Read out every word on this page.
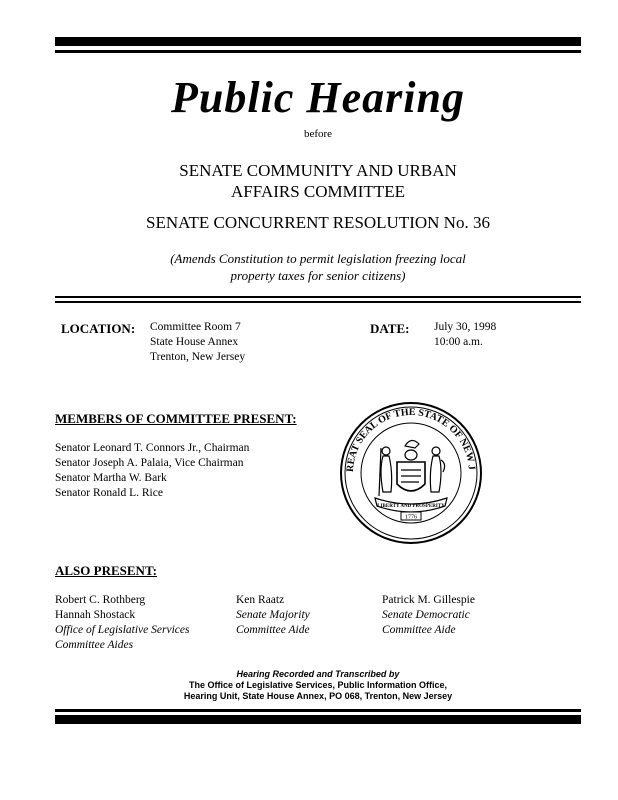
Public Hearing
before
SENATE COMMUNITY AND URBAN
AFFAIRS COMMITTEE
SENATE CONCURRENT RESOLUTION No. 36
(Amends Constitution to permit legislation freezing local
property taxes for senior citizens)
LOCATION: Committee Room 7
State House Annex
Trenton, New Jersey
DATE: July 30, 1998
10:00 a.m.
MEMBERS OF COMMITTEE PRESENT:
Senator Leonard T. Connors Jr., Chairman
Senator Joseph A. Palaia, Vice Chairman
Senator Martha W. Bark
Senator Ronald L. Rice
REAT SEAL OF THE STATE OF NEW J
LIBERTY AND PROSPERITY
1776
ALSO PRESENT:
Robert C. Rothberg
Hannah Shostack
Office of Legislative Services
Committee Aides
Ken Raatz
Senate Majority
Committee Aide
Patrick M. Gillespie
Senate Democratic
Committee Aide
Hearing Recorded and Transcribed by
The Office of Legislative Services, Public Information Office,
Hearing Unit, State House Annex, PO 068, Trenton, New Jersey
